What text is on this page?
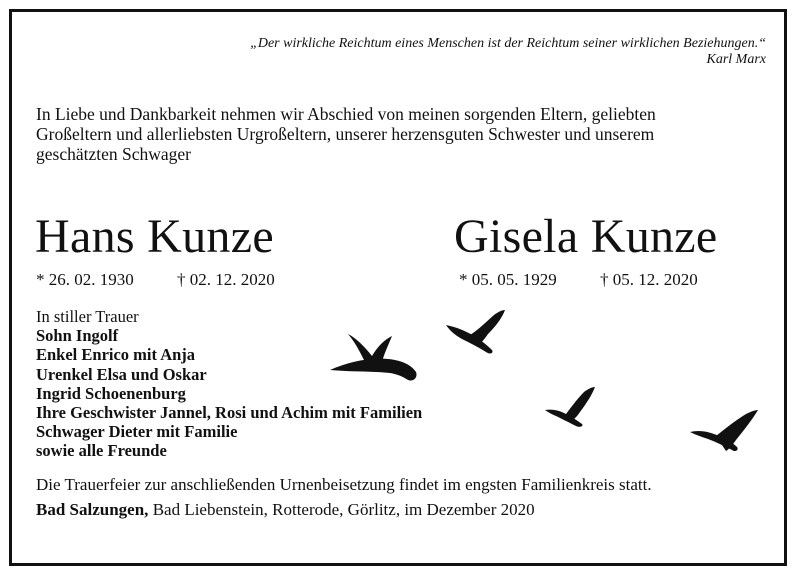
„Der wirkliche Reichtum eines Menschen ist der Reichtum seiner wirklichen Beziehungen.“
Karl Marx
In Liebe und Dankbarkeit nehmen wir Abschied von meinen sorgenden Eltern, geliebten
Großeltern und allerliebsten Urgroßeltern, unserer herzensguten Schwester und unserem
geschätzten Schwager
Hans Kunze	Gisela Kunze
* 26. 02. 1930	† 02. 12. 2020	* 05. 05. 1929	† 05. 12. 2020
In stiller Trauer
Sohn Ingolf
Enkel Enrico mit Anja
Urenkel Elsa und Oskar
Ingrid Schoenenburg
Ihre Geschwister Jannel, Rosi und Achim mit Familien
Schwager Dieter mit Familie
sowie alle Freunde
Die Trauerfeier zur anschließenden Urnenbeisetzung findet im engsten Familienkreis statt.
Bad Salzungen, Bad Liebenstein, Rotterode, Görlitz, im Dezember 2020
